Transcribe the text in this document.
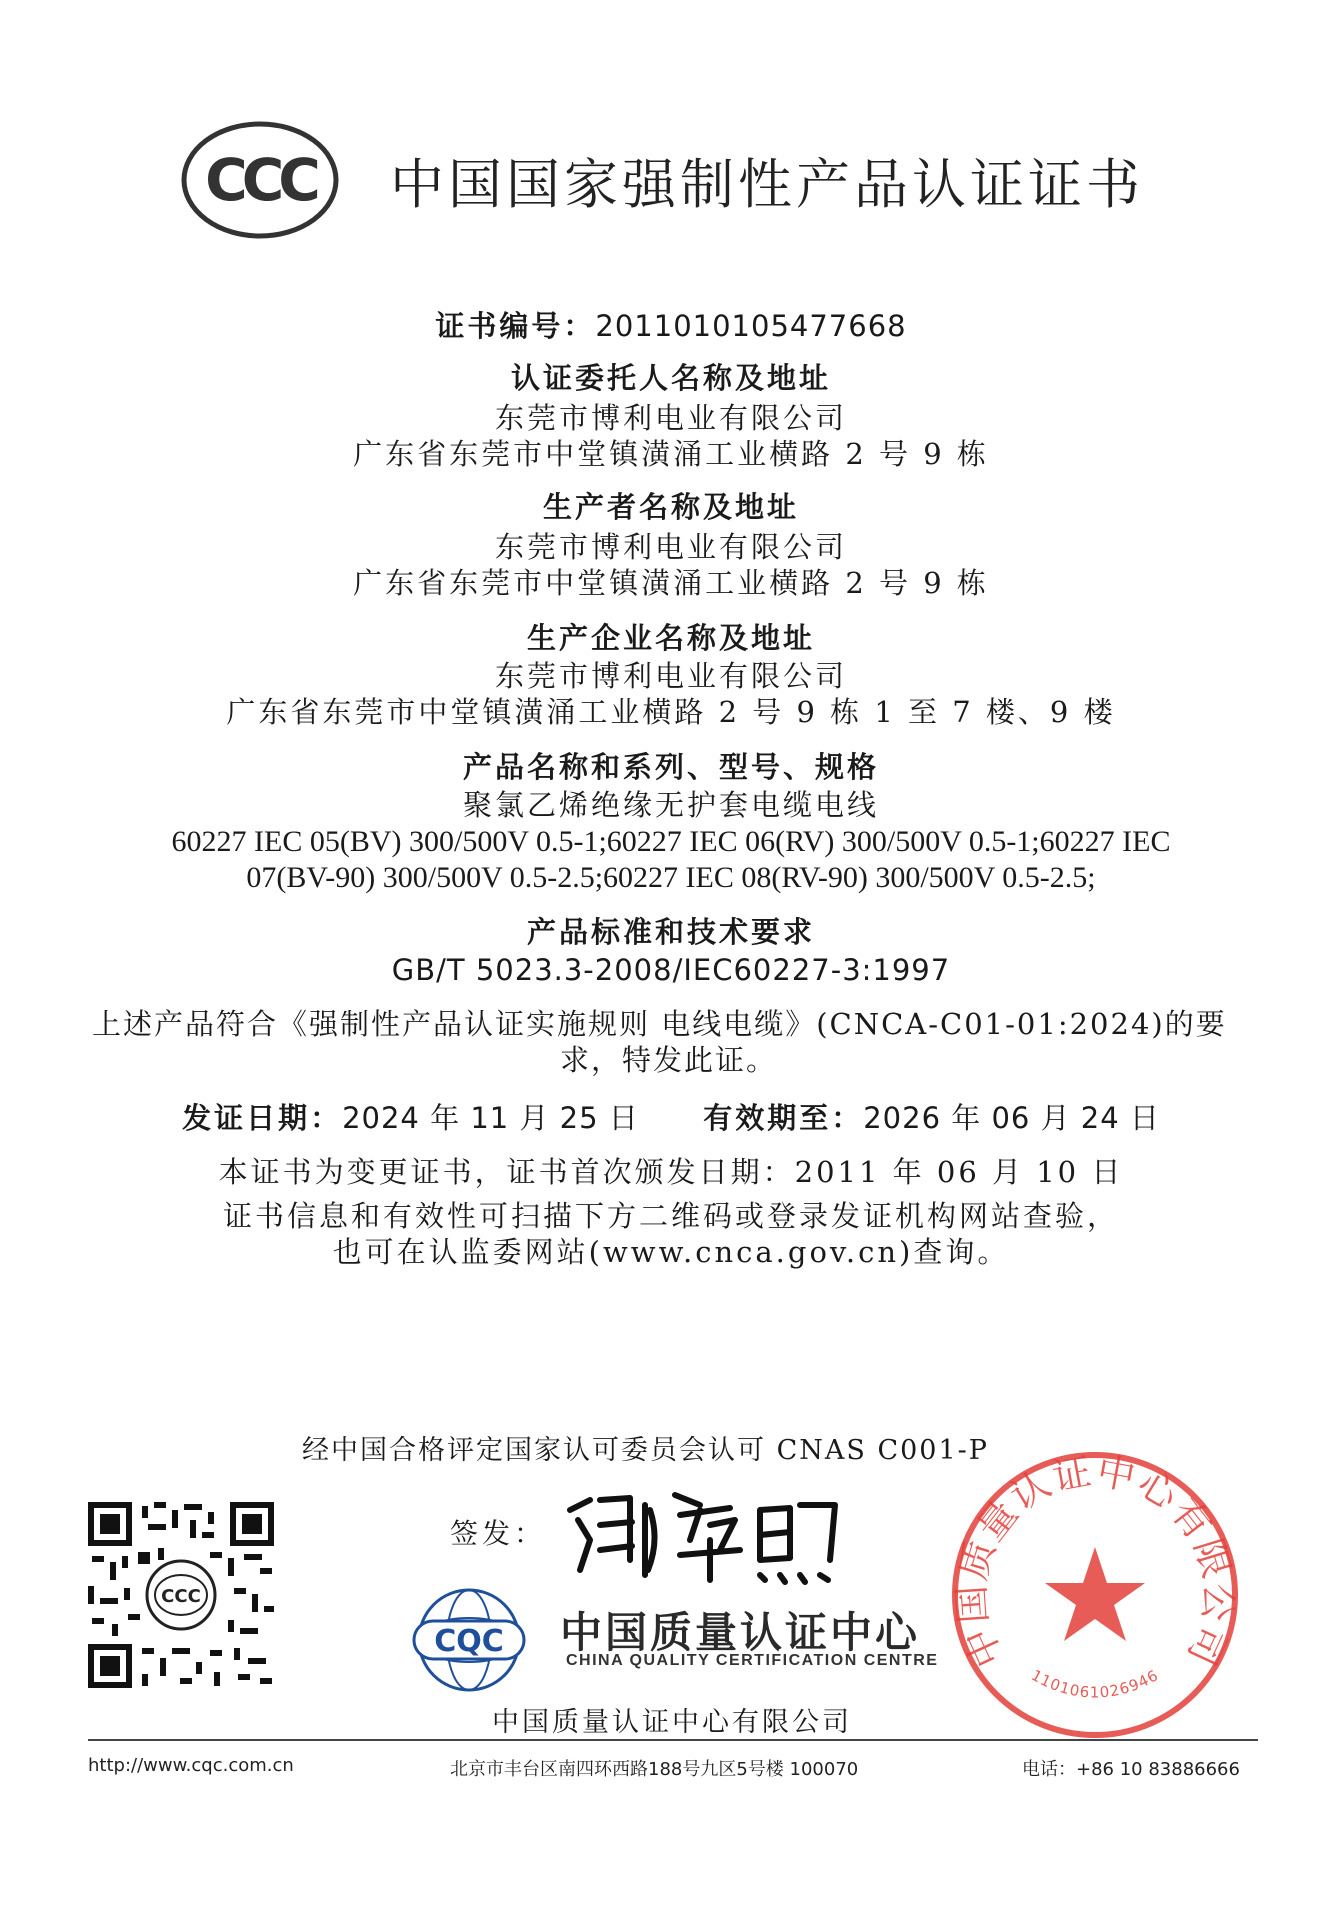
CCC 中国国家强制性产品认证证书
证书编号：2011010105477668
认证委托人名称及地址
东莞市博利电业有限公司
广东省东莞市中堂镇潢涌工业横路 2 号 9 栋
生产者名称及地址
东莞市博利电业有限公司
广东省东莞市中堂镇潢涌工业横路 2 号 9 栋
生产企业名称及地址
东莞市博利电业有限公司
广东省东莞市中堂镇潢涌工业横路 2 号 9 栋 1 至 7 楼、9 楼
产品名称和系列、型号、规格
聚氯乙烯绝缘无护套电缆电线
60227 IEC 05(BV) 300/500V 0.5-1;60227 IEC 06(RV) 300/500V 0.5-1;60227 IEC
07(BV-90) 300/500V 0.5-2.5;60227 IEC 08(RV-90) 300/500V 0.5-2.5;
产品标准和技术要求
GB/T 5023.3-2008/IEC60227-3:1997
上述产品符合《强制性产品认证实施规则 电线电缆》(CNCA-C01-01:2024)的要
求，特发此证。
发证日期：2024 年 11 月 25 日 有效期至：2026 年 06 月 24 日
本证书为变更证书，证书首次颁发日期：2011 年 06 月 10 日
证书信息和有效性可扫描下方二维码或登录发证机构网站查验，
也可在认监委网站(www.cnca.gov.cn)查询。
经中国合格评定国家认可委员会认可 CNAS C001-P
CCC
签发：
CQC 中国质量认证中心
CHINA QUALITY CERTIFICATION CENTRE
中国质量认证中心有限公司
中国质量认证中心有限公司
1101061026946
http://www.cqc.com.cn	北京市丰台区南四环西路188号九区5号楼 100070	电话：+86 10 83886666
